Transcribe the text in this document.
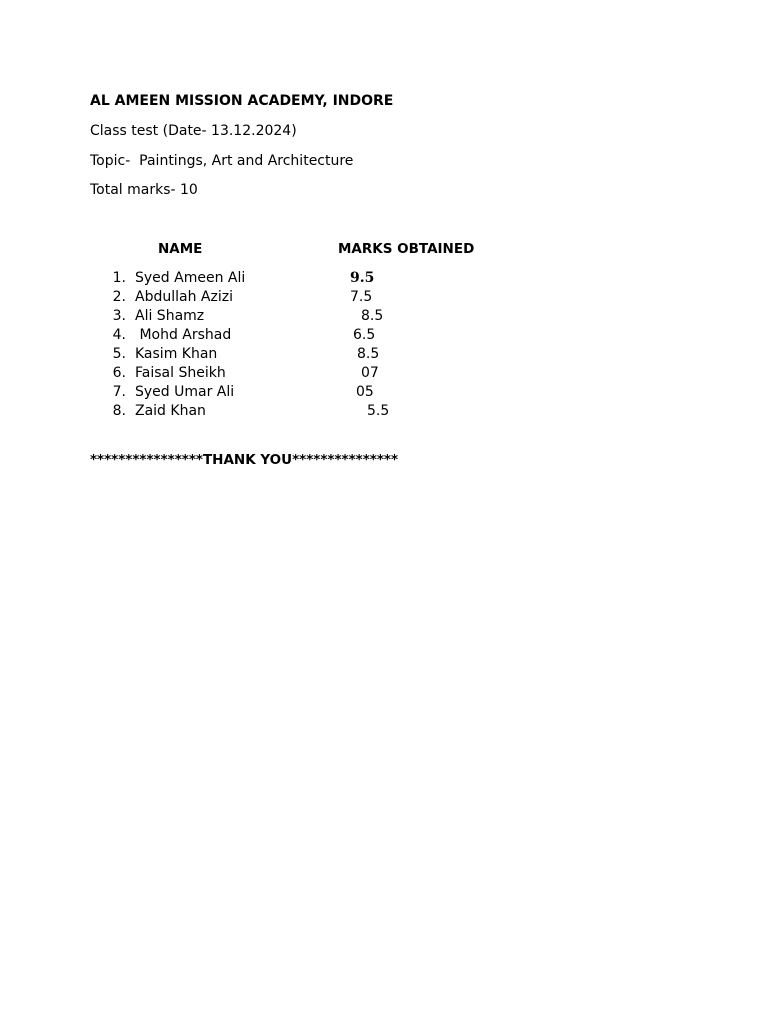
AL AMEEN MISSION ACADEMY, INDORE
Class test (Date- 13.12.2024)
Topic-  Paintings, Art and Architecture
Total marks- 10
NAME	MARKS OBTAINED
1. Syed Ameen Ali	9.5
2. Abdullah Azizi	7.5
3. Ali Shamz	8.5
4. Mohd Arshad	6.5
5. Kasim Khan	8.5
6. Faisal Sheikh	07
7. Syed Umar Ali	05
8. Zaid Khan	5.5
****************THANK YOU***************
